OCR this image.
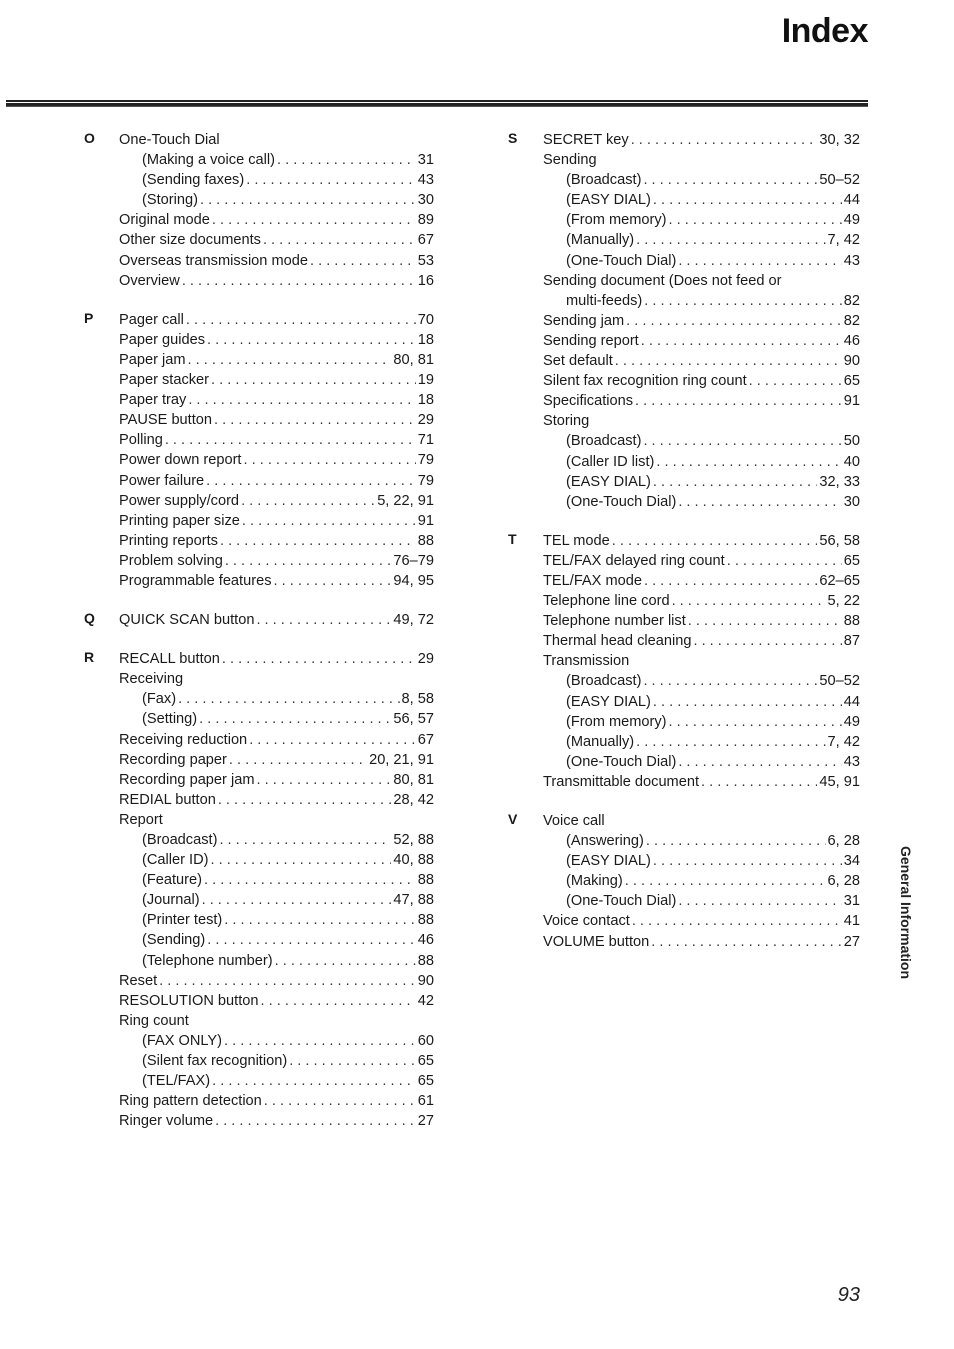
Index
O One-Touch Dial
(Making a voice call) . . .	31
(Sending faxes) . . .	43
(Storing) . . .	30
Original mode . . .	89
Other size documents . . .	67
Overseas transmission mode . . .	53
Overview . . .	16
P Pager call . . .	70
Paper guides . . .	18
Paper jam . . .	80, 81
Paper stacker . . .	19
Paper tray . . .	18
PAUSE button . . .	29
Polling . . .	71
Power down report . . .	79
Power failure . . .	79
Power supply/cord . . .	5, 22, 91
Printing paper size . . .	91
Printing reports . . .	88
Problem solving . . .	76–79
Programmable features . . .	94, 95
Q QUICK SCAN button . . .	49, 72
R RECALL button . . .	29
Receiving
(Fax) . . .	8, 58
(Setting) . . .	56, 57
Receiving reduction . . .	67
Recording paper . . .	20, 21, 91
Recording paper jam . . .	80, 81
REDIAL button . . .	28, 42
Report
(Broadcast) . . .	52, 88
(Caller ID) . . .	40, 88
(Feature) . . .	88
(Journal) . . .	47, 88
(Printer test) . . .	88
(Sending) . . .	46
(Telephone number) . . .	88
Reset . . .	90
RESOLUTION button . . .	42
Ring count
(FAX ONLY) . . .	60
(Silent fax recognition) . . .	65
(TEL/FAX) . . .	65
Ring pattern detection . . .	61
Ringer volume . . .	27
S SECRET key . . .	30, 32
Sending
(Broadcast) . . .	50–52
(EASY DIAL) . . .	44
(From memory) . . .	49
(Manually) . . .	7, 42
(One-Touch Dial) . . .	43
Sending document (Does not feed or
multi-feeds) . . .	82
Sending jam . . .	82
Sending report . . .	46
Set default . . .	90
Silent fax recognition ring count . . .	65
Specifications . . .	91
Storing
(Broadcast) . . .	50
(Caller ID list) . . .	40
(EASY DIAL) . . .	32, 33
(One-Touch Dial) . . .	30
T TEL mode . . .	56, 58
TEL/FAX delayed ring count . . .	65
TEL/FAX mode . . .	62–65
Telephone line cord . . .	5, 22
Telephone number list . . .	88
Thermal head cleaning . . .	87
Transmission
(Broadcast) . . .	50–52
(EASY DIAL) . . .	44
(From memory) . . .	49
(Manually) . . .	7, 42
(One-Touch Dial) . . .	43
Transmittable document . . .	45, 91
V Voice call
(Answering) . . .	6, 28
(EASY DIAL) . . .	34
(Making) . . .	6, 28
(One-Touch Dial) . . .	31
Voice contact . . .	41
VOLUME button . . .	27	General Information
93
